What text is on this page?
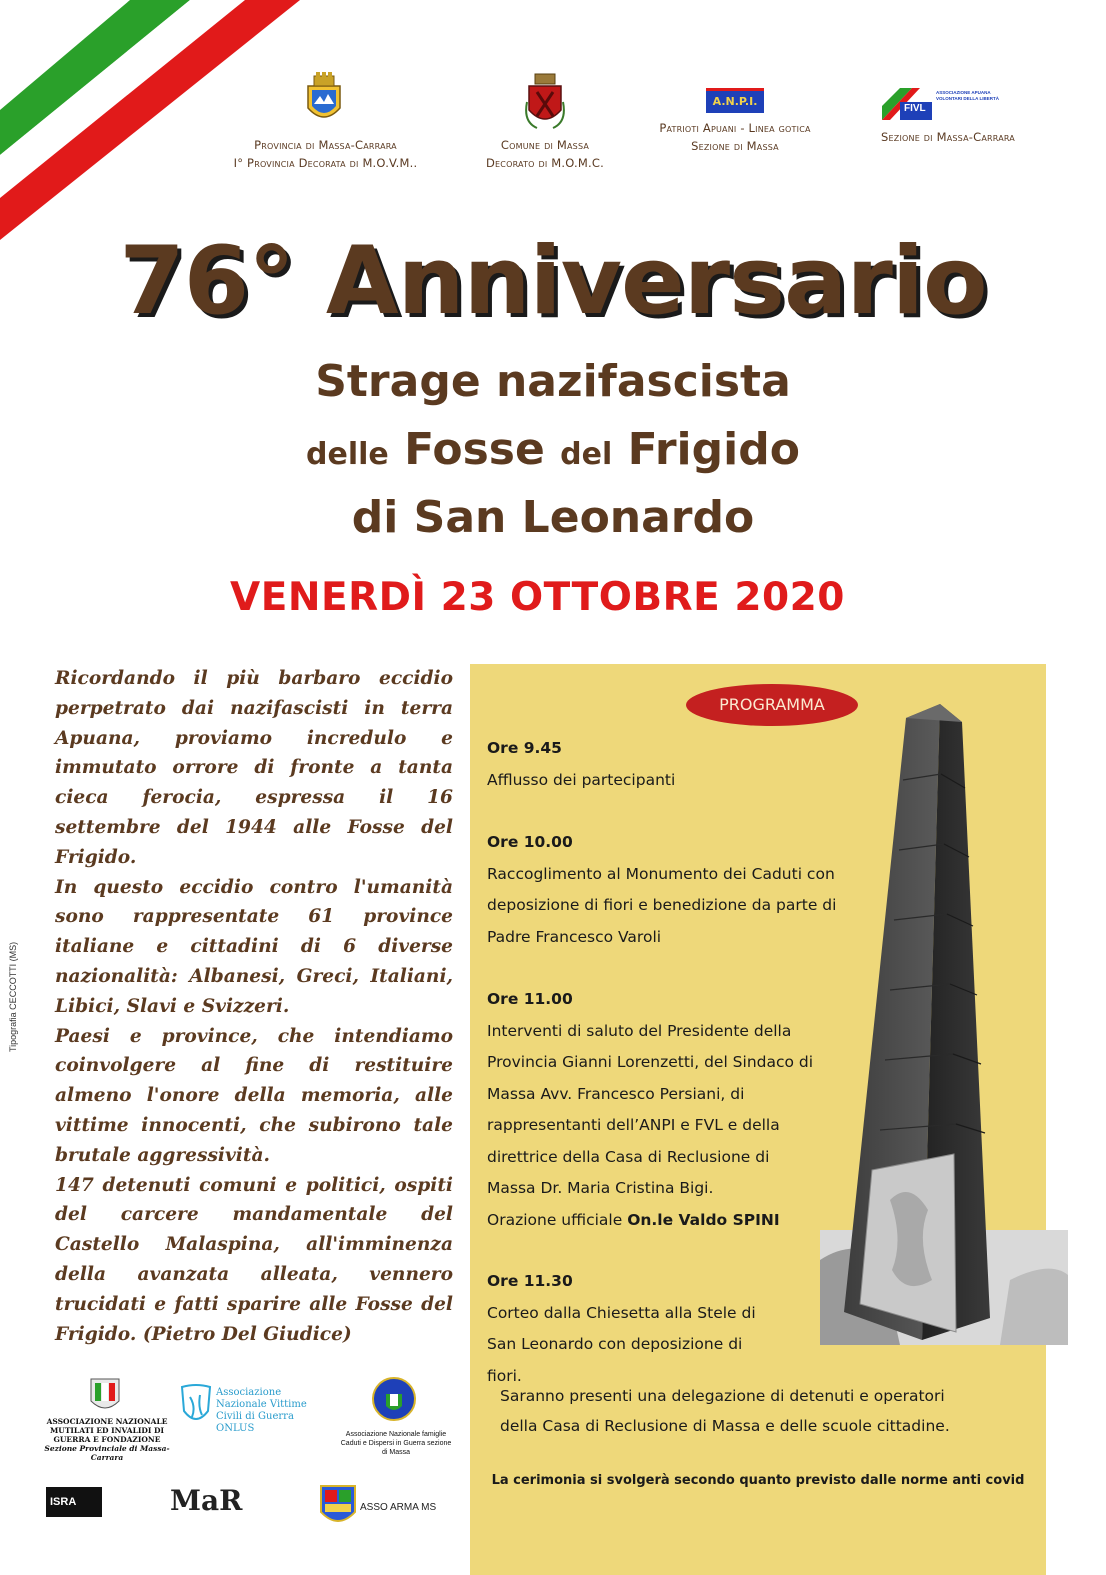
Provincia di Massa-Carrara
I° Provincia Decorata di M.O.V.M..
Comune di Massa
Decorato di M.O.M.C.
A.N.P.I.
Patrioti Apuani - Linea gotica
Sezione di Massa
FIVL
ASSOCIAZIONE APUANA VOLONTARI DELLA LIBERTÀ
Sezione di Massa-Carrara
76° Anniversario
Strage nazifascista
delle Fosse del Frigido
di San Leonardo
VENERDÌ 23 OTTOBRE 2020

Ricordando il più barbaro eccidio perpetrato dai nazifascisti in terra Apuana, proviamo incredulo e immutato orrore di fronte a tanta cieca ferocia, espressa il 16 settembre del 1944 alle Fosse del Frigido.

In questo eccidio contro l'umanità sono rappresentate 61 province italiane e cittadini di 6 diverse nazionalità: Albanesi, Greci, Italiani, Libici, Slavi e Svizzeri.

Paesi e province, che intendiamo coinvolgere al fine di restituire almeno l'onore della memoria, alle vittime innocenti, che subirono tale brutale aggressività.

147 detenuti comuni e politici, ospiti del carcere mandamentale del Castello Malaspina, all'imminenza della avanzata alleata, vennero trucidati e fatti sparire alle Fosse del Frigido. (Pietro Del Giudice)

Tipografia CECCOTTI (MS)
PROGRAMMA
Ore 9.45
Afflusso dei partecipanti
Ore 10.00
Raccoglimento al Monumento dei Caduti con
deposizione di fiori e benedizione da parte di
Padre Francesco Varoli
Ore 11.00
Interventi di saluto del Presidente della
Provincia Gianni Lorenzetti, del Sindaco di
Massa Avv. Francesco Persiani, di
rappresentanti dell’ANPI e FVL e della
direttrice della Casa di Reclusione di
Massa Dr. Maria Cristina Bigi.
Orazione ufficiale On.le Valdo SPINI
Ore 11.30
Corteo dalla Chiesetta alla Stele di
San Leonardo con deposizione di
fiori.
Saranno presenti una delegazione di detenuti e operatori
della Casa di Reclusione di Massa e delle scuole cittadine.
La cerimonia si svolgerà secondo quanto previsto dalle norme anti covid
ASSOCIAZIONE NAZIONALE MUTILATI ED INVALIDI DI GUERRA E FONDAZIONE
Sezione Provinciale di Massa-Carrara
Associazione Nazionale Vittime Civili di Guerra ONLUS
Associazione Nazionale famiglie Caduti e Dispersi in Guerra sezione di Massa
ISRA	MaR	ASSO ARMA MS
